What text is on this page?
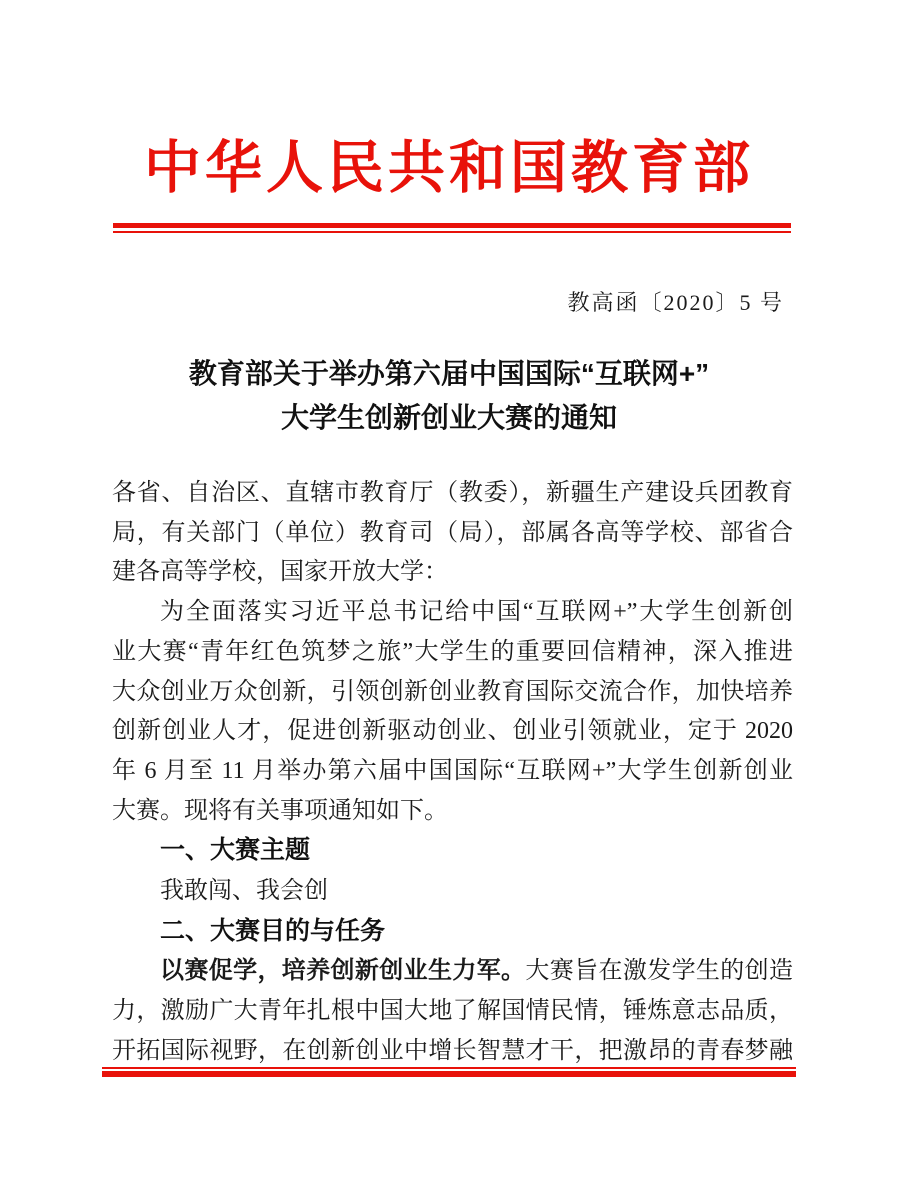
中华人民共和国教育部
教高函〔2020〕5 号
教育部关于举办第六届中国国际“互联网+”
大学生创新创业大赛的通知
各省、自治区、直辖市教育厅（教委），新疆生产建设兵团教育
局，有关部门（单位）教育司（局），部属各高等学校、部省合
建各高等学校，国家开放大学：
为全面落实习近平总书记给中国“互联网+”大学生创新创
业大赛“青年红色筑梦之旅”大学生的重要回信精神，深入推进
大众创业万众创新，引领创新创业教育国际交流合作，加快培养
创新创业人才，促进创新驱动创业、创业引领就业，定于 2020
年 6 月至 11 月举办第六届中国国际“互联网+”大学生创新创业
大赛。现将有关事项通知如下。
一、大赛主题
我敢闯、我会创
二、大赛目的与任务
以赛促学，培养创新创业生力军。大赛旨在激发学生的创造
力，激励广大青年扎根中国大地了解国情民情，锤炼意志品质，
开拓国际视野，在创新创业中增长智慧才干，把激昂的青春梦融
